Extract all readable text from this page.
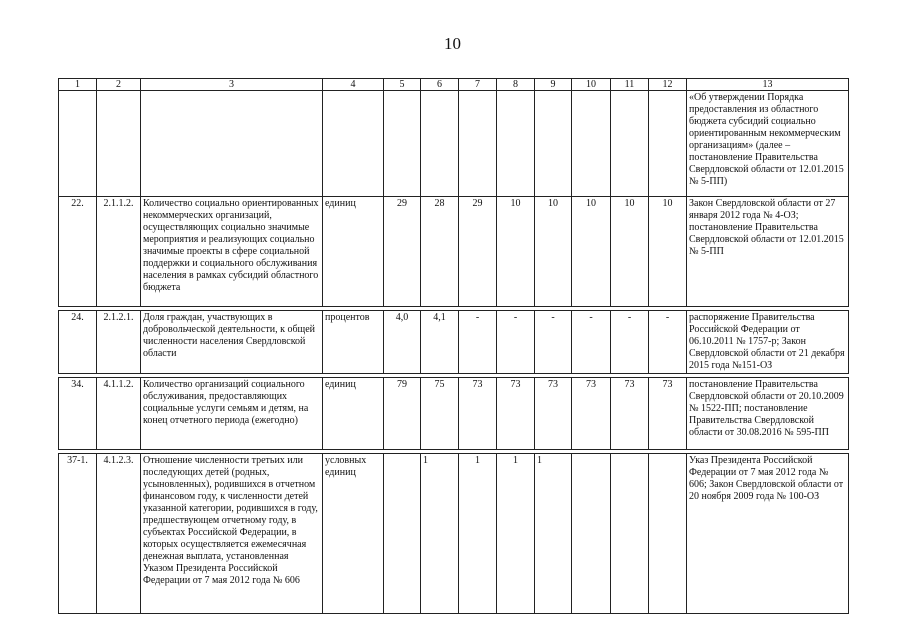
10
1	2	3	4	5	6	7	8	9	10	11	12	13
												«Об утверждении Порядка предоставления из областного бюджета субсидий социально ориентированным некоммерческим организациям» (далее – постановление Правительства Свердловской области от 12.01.2015 № 5-ПП)
22.	2.1.1.2.	Количество социально ориентированных некоммерческих организаций, осуществляющих социально значимые мероприятия и реализующих социально значимые проекты в сфере социальной поддержки и социального обслуживания населения в рамках субсидий областного бюджета	единиц	29	28	29	10	10	10	10	10	Закон Свердловской области от 27 января 2012 года № 4-ОЗ; постановление Правительства Свердловской области от 12.01.2015 № 5-ПП

24.	2.1.2.1.	Доля граждан, участвующих в добровольческой деятельности, к общей численности населения Свердловской области	процентов	4,0	4,1	-	-	-	-	-	-	распоряжение Правительства Российской Федерации от 06.10.2011 № 1757-р; Закон Свердловской области от 21 декабря 2015 года №151-ОЗ

34.	4.1.1.2.	Количество организаций социального обслуживания, предоставляющих социальные услуги семьям и детям, на конец отчетного периода (ежегодно)	единиц	79	75	73	73	73	73	73	73	постановление Правительства Свердловской области от 20.10.2009 № 1522-ПП; постановление Правительства Свердловской области от 30.08.2016 № 595-ПП

37-1.	4.1.2.3.	Отношение численности третьих или последующих детей (родных, усыновленных), родившихся в отчетном финансовом году, к численности детей указанной категории, родившихся в году, предшествующем отчетному году, в субъектах Российской Федерации, в которых осуществляется ежемесячная денежная выплата, установленная Указом Президента Российской Федерации от 7 мая 2012 года № 606	условных единиц		1	1	1	1				Указ Президента Российской Федерации от 7 мая 2012 года № 606; Закон Свердловской области от 20 ноября 2009 года № 100-ОЗ
